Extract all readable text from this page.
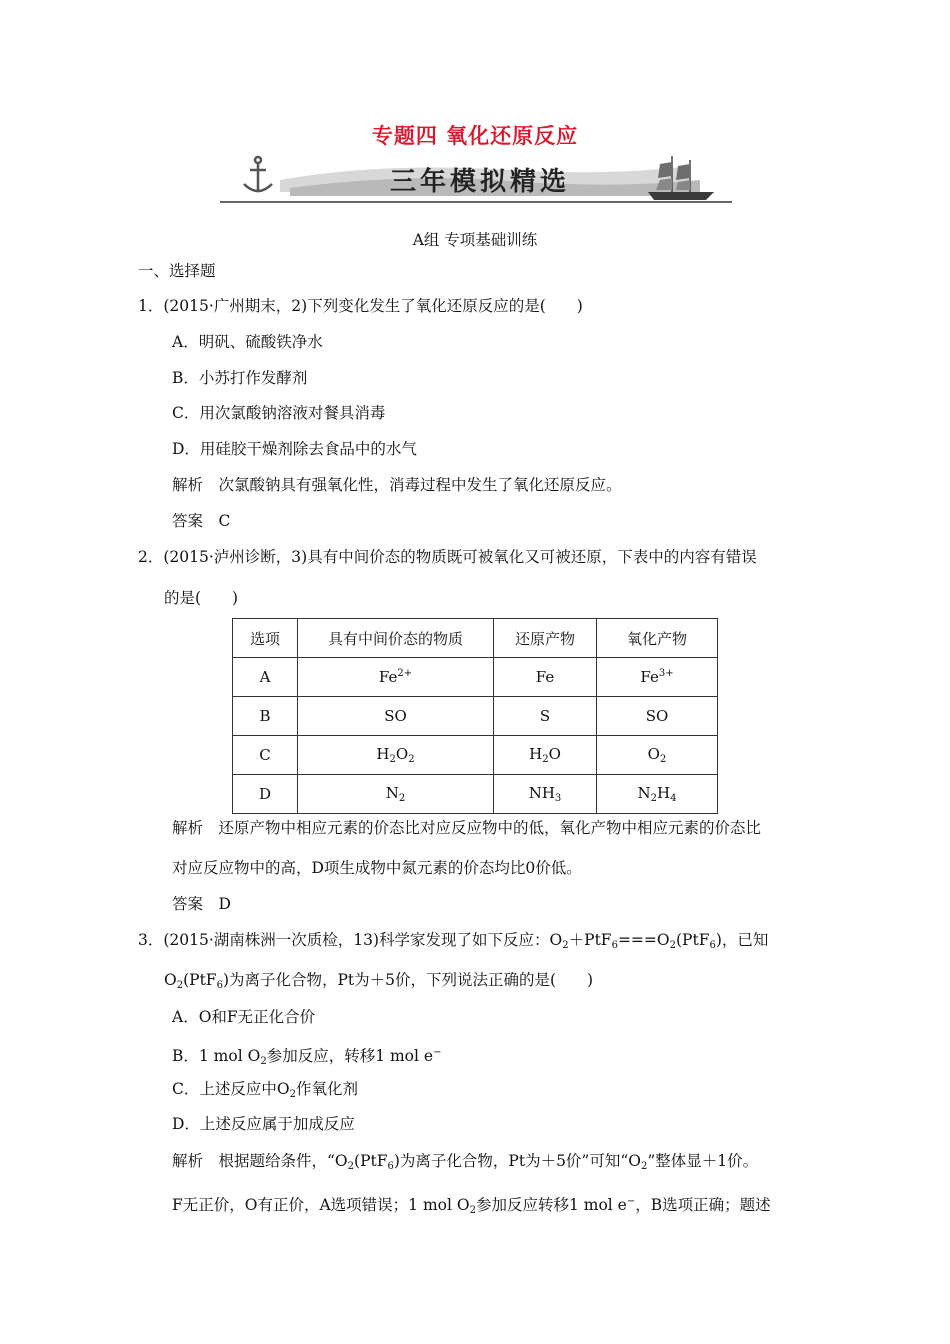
专题四 氧化还原反应
三年模拟精选
A组 专项基础训练
一、选择题
1．(2015·广州期末，2)下列变化发生了氧化还原反应的是(　　)
A．明矾、硫酸铁净水
B．小苏打作发酵剂
C．用次氯酸钠溶液对餐具消毒
D．用硅胶干燥剂除去食品中的水气
解析　次氯酸钠具有强氧化性，消毒过程中发生了氧化还原反应。
答案　C
2．(2015·泸州诊断，3)具有中间价态的物质既可被氧化又可被还原，下表中的内容有错误
的是(　　)
选项	具有中间价态的物质	还原产物	氧化产物
A	$Fe^{2+}$	Fe	$Fe^{3+}$
B	SO	S	SO
C	$H_2O_2$	$H_2O$	$O_2$
D	$N_2$	$NH_3$	$N_2H_4$
解析　还原产物中相应元素的价态比对应反应物中的低，氧化产物中相应元素的价态比
对应反应物中的高，D项生成物中氮元素的价态均比0价低。
答案　D
3．(2015·湖南株洲一次质检，13)科学家发现了如下反应：$O_2+PtF_6===O_2(PtF_6)$，已知
$O_2(PtF_6)$为离子化合物，Pt为＋5价，下列说法正确的是(　　)
A．O和F无正化合价
B．1 mol $O_2$参加反应，转移1 mol e−
C．上述反应中$O_2$作氧化剂
D．上述反应属于加成反应
解析　根据题给条件，“$O_2(PtF_6)$为离子化合物，Pt为＋5价”可知“$O_2$”整体显＋1价。
F无正价，O有正价，A选项错误；1 mol $O_2$参加反应转移1 mol e−，B选项正确；题述
